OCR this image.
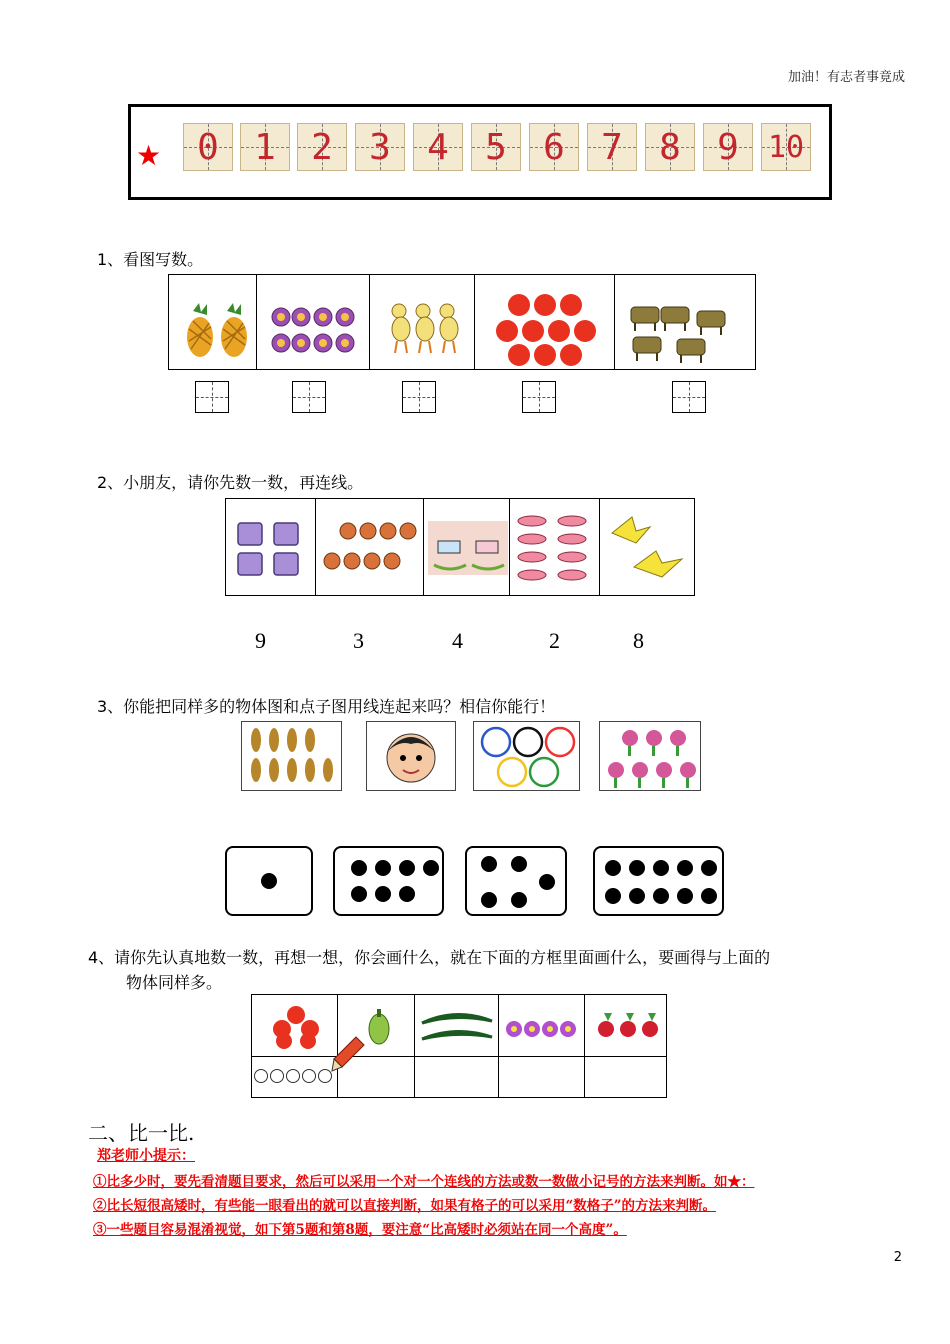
加油！有志者事竟成
★ 0 1 2 3 4 5 6 7 8 9 10
1、看图写数。
2、小朋友，请你先数一数，再连线。
9	3	4	2	8
3、你能把同样多的物体图和点子图用线连起来吗？相信你能行！
4、请你先认真地数一数，再想一想，你会画什么，就在下面的方框里面画什么，要画得与上面的
物体同样多。
二、比一比.
郑老师小提示：
①比多少时，要先看清题目要求，然后可以采用一个对一个连线的方法或数一数做小记号的方法来判断。如★：
②比长短很高矮时，有些能一眼看出的就可以直接判断，如果有格子的可以采用“数格子”的方法来判断。
③一些题目容易混淆视觉，如下第5题和第8题，要注意“比高矮时必须站在同一个高度”。
2
